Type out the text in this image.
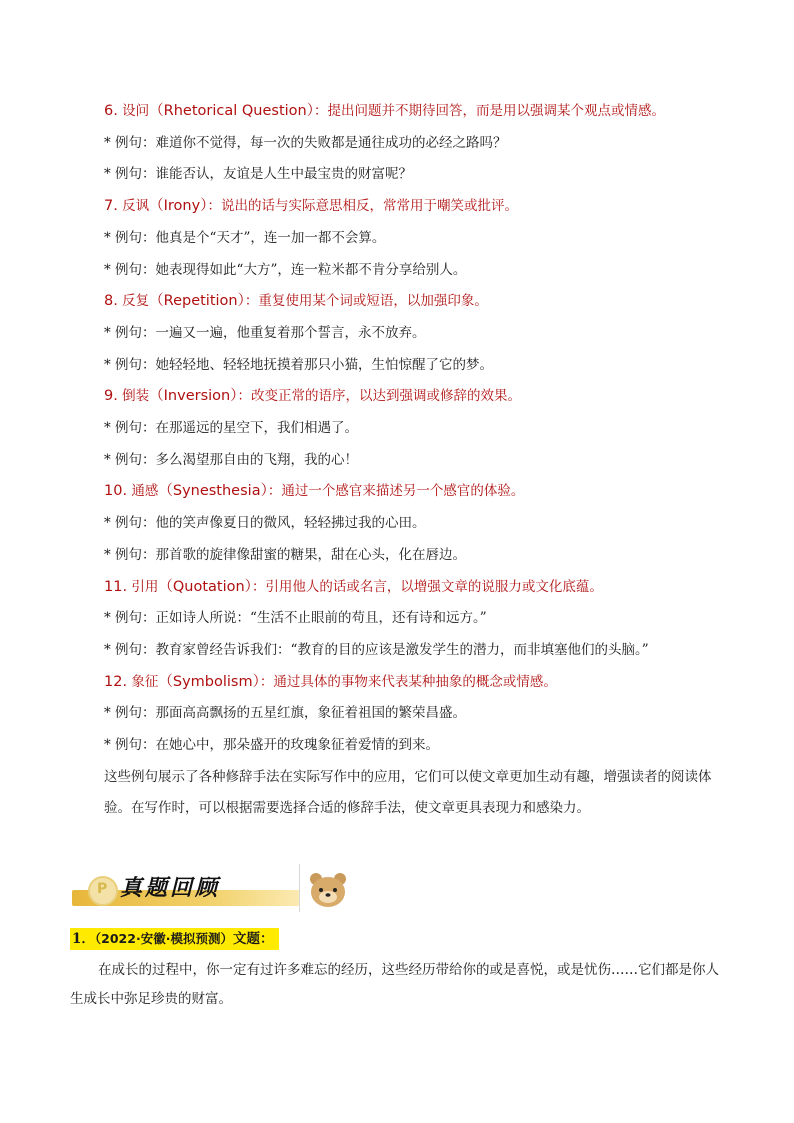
6. 设问（Rhetorical Question）：提出问题并不期待回答，而是用以强调某个观点或情感。
* 例句：难道你不觉得，每一次的失败都是通往成功的必经之路吗？
* 例句：谁能否认，友谊是人生中最宝贵的财富呢？
7. 反讽（Irony）：说出的话与实际意思相反，常常用于嘲笑或批评。
* 例句：他真是个“天才”，连一加一都不会算。
* 例句：她表现得如此“大方”，连一粒米都不肯分享给别人。
8. 反复（Repetition）：重复使用某个词或短语，以加强印象。
* 例句：一遍又一遍，他重复着那个誓言，永不放弃。
* 例句：她轻轻地、轻轻地抚摸着那只小猫，生怕惊醒了它的梦。
9. 倒装（Inversion）：改变正常的语序，以达到强调或修辞的效果。
* 例句：在那遥远的星空下，我们相遇了。
* 例句：多么渴望那自由的飞翔，我的心！
10. 通感（Synesthesia）：通过一个感官来描述另一个感官的体验。
* 例句：他的笑声像夏日的微风，轻轻拂过我的心田。
* 例句：那首歌的旋律像甜蜜的糖果，甜在心头，化在唇边。
11. 引用（Quotation）：引用他人的话或名言，以增强文章的说服力或文化底蕴。
* 例句：正如诗人所说：“生活不止眼前的苟且，还有诗和远方。”
* 例句：教育家曾经告诉我们：“教育的目的应该是激发学生的潜力，而非填塞他们的头脑。”
12. 象征（Symbolism）：通过具体的事物来代表某种抽象的概念或情感。
* 例句：那面高高飘扬的五星红旗，象征着祖国的繁荣昌盛。
* 例句：在她心中，那朵盛开的玫瑰象征着爱情的到来。
这些例句展示了各种修辞手法在实际写作中的应用，它们可以使文章更加生动有趣，增强读者的阅读体验。在写作时，可以根据需要选择合适的修辞手法，使文章更具表现力和感染力。
P
真题回顾
1．（2022·安徽·模拟预测）文题：
在成长的过程中，你一定有过许多难忘的经历，这些经历带给你的或是喜悦，或是忧伤……它们都是你人生成长中弥足珍贵的财富。
